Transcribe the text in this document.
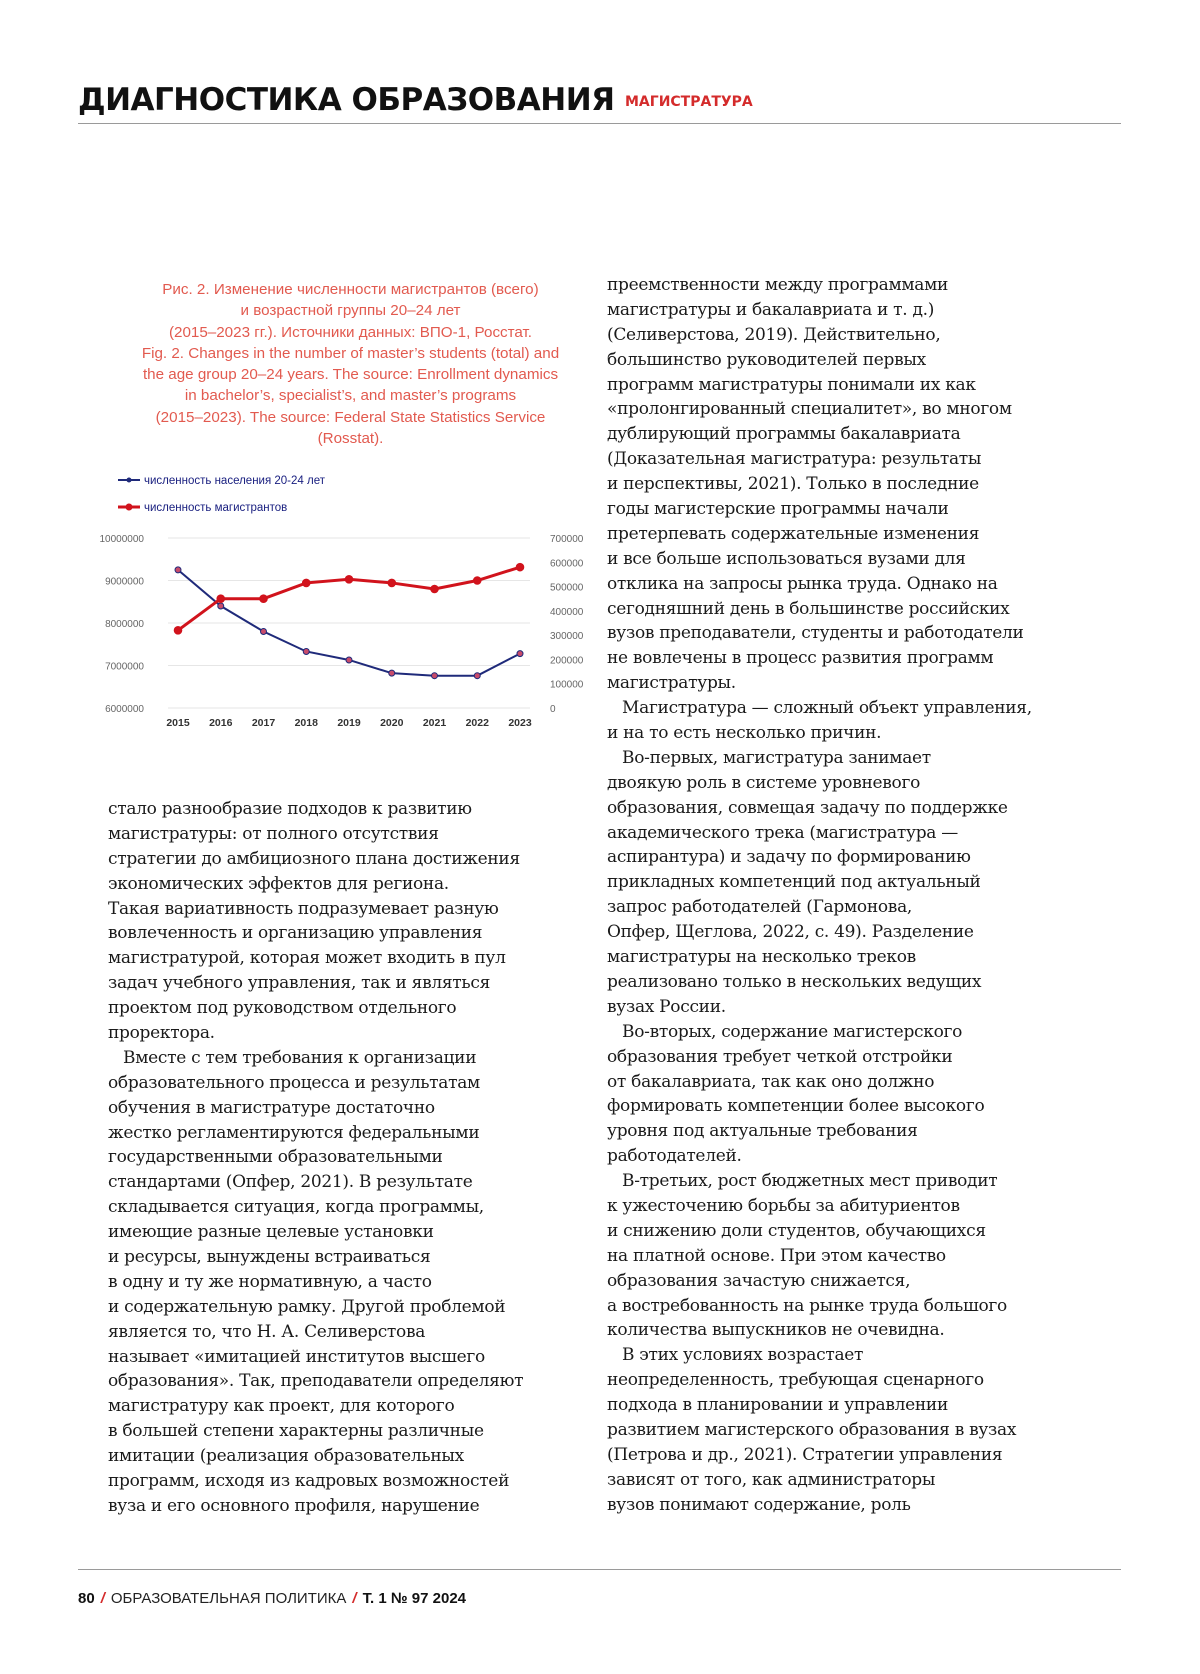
ДИАГНОСТИКА ОБРАЗОВАНИЯ МАГИСТРАТУРА
Рис. 2. Изменение численности магистрантов (всего)
и возрастной группы 20–24 лет
(2015–2023 гг.). Источники данных: ВПО-1, Росстат.
Fig. 2. Changes in the number of master’s students (total) and
the age group 20–24 years. The source: Enrollment dynamics
in bachelor’s, specialist’s, and master’s programs
(2015–2023). The source: Federal State Statistics Service
(Rosstat).
численность населения 20-24 лет
численность магистрантов
6000000
7000000
8000000
9000000
10000000
0
100000
200000
300000
400000
500000
600000
700000
2015 2016 2017 2018 2019 2020 2021 2022 2023
стало разнообразие подходов к развитию
магистратуры: от полного отсутствия
стратегии до амбициозного плана достижения
экономических эффектов для региона.
Такая вариативность подразумевает разную
вовлеченность и организацию управления
магистратурой, которая может входить в пул
задач учебного управления, так и являться
проектом под руководством отдельного
проректора.
Вместе с тем требования к организации
образовательного процесса и результатам
обучения в магистратуре достаточно
жестко регламентируются федеральными
государственными образовательными
стандартами (Опфер, 2021). В результате
складывается ситуация, когда программы,
имеющие разные целевые установки
и ресурсы, вынуждены встраиваться
в одну и ту же нормативную, а часто
и содержательную рамку. Другой проблемой
является то, что Н. А. Селиверстова
называет «имитацией институтов высшего
образования». Так, преподаватели определяют
магистратуру как проект, для которого
в большей степени характерны различные
имитации (реализация образовательных
программ, исходя из кадровых возможностей
вуза и его основного профиля, нарушение
преемственности между программами
магистратуры и бакалавриата и т. д.)
(Селиверстова, 2019). Действительно,
большинство руководителей первых
программ магистратуры понимали их как
«пролонгированный специалитет», во многом
дублирующий программы бакалавриата
(Доказательная магистратура: результаты
и перспективы, 2021). Только в последние
годы магистерские программы начали
претерпевать содержательные изменения
и все больше использоваться вузами для
отклика на запросы рынка труда. Однако на
сегодняшний день в большинстве российских
вузов преподаватели, студенты и работодатели
не вовлечены в процесс развития программ
магистратуры.
Магистратура — сложный объект управления,
и на то есть несколько причин.
Во-первых, магистратура занимает
двоякую роль в системе уровневого
образования, совмещая задачу по поддержке
академического трека (магистратура —
аспирантура) и задачу по формированию
прикладных компетенций под актуальный
запрос работодателей (Гармонова,
Опфер, Щеглова, 2022, с. 49). Разделение
магистратуры на несколько треков
реализовано только в нескольких ведущих
вузах России.
Во-вторых, содержание магистерского
образования требует четкой отстройки
от бакалавриата, так как оно должно
формировать компетенции более высокого
уровня под актуальные требования
работодателей.
В-третьих, рост бюджетных мест приводит
к ужесточению борьбы за абитуриентов
и снижению доли студентов, обучающихся
на платной основе. При этом качество
образования зачастую снижается,
а востребованность на рынке труда большого
количества выпускников не очевидна.
В этих условиях возрастает
неопределенность, требующая сценарного
подхода в планировании и управлении
развитием магистерского образования в вузах
(Петрова и др., 2021). Стратегии управления
зависят от того, как администраторы
вузов понимают содержание, роль
80 / ОБРАЗОВАТЕЛЬНАЯ ПОЛИТИКА / Т. 1 № 97 2024
